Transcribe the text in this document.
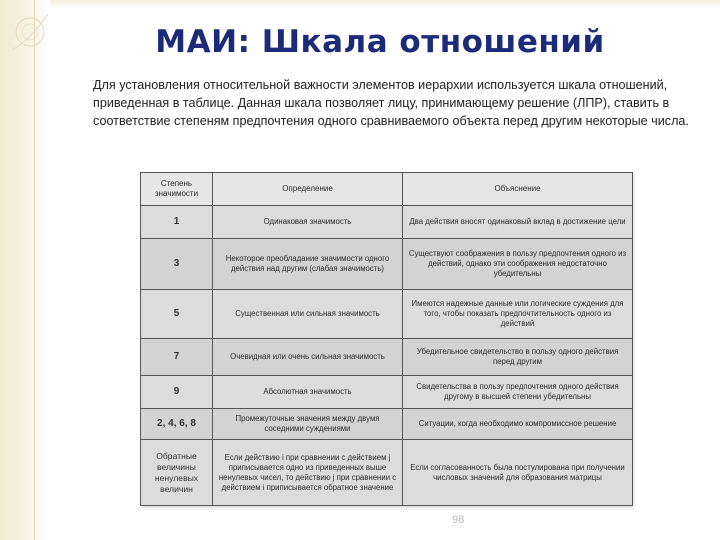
МАИ: Шкала отношений
Для установления относительной важности элементов иерархии используется шкала отношений, приведенная в таблице. Данная шкала позволяет лицу, принимающему решение (ЛПР), ставить в соответствие степеням предпочтения одного сравниваемого объекта перед другим некоторые числа.
Степень значимости	Определение	Объяснение
1	Одинаковая значимость	Два действия вносят одинаковый вклад в достижение цели
3	Некоторое преобладание значимости одного действия над другим (слабая значимость)	Существуют соображения в пользу предпочтения одного из действий, однако эти соображения недостаточно убедительны
5	Существенная или сильная значимость	Имеются надежные данные или логические суждения для того, чтобы показать предпочтительность одного из действий
7	Очевидная или очень сильная значимость	Убедительное свидетельство в пользу одного действия перед другим
9	Абсолютная значимость	Свидетельства в пользу предпочтения одного действия другому в высшей степени убедительны
2, 4, 6, 8	Промежуточные значения между двумя соседними суждениями	Ситуации, когда необходимо компромиссное решение
Обратные величины ненулевых величин	Если действию i при сравнении с действием j приписывается одно из приведенных выше ненулевых чисел, то действию j при сравнении с действием i приписывается обратное значение	Если согласованность была постулирована при получении числовых значений для образования матрицы
98
